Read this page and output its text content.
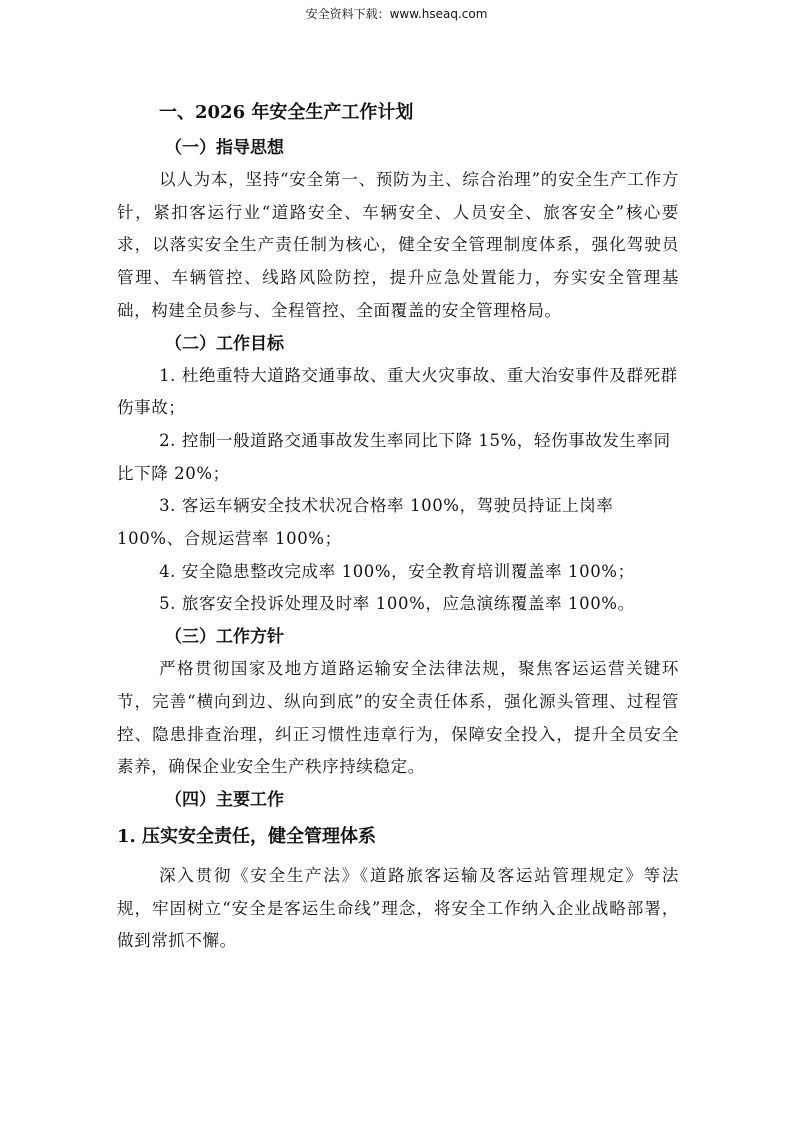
安全资料下载：www.hseaq.com
一、2026 年安全生产工作计划
（一）指导思想

以人为本，坚持“安全第一、预防为主、综合治理”的安全生产工作方针，紧扣客运行业“道路安全、车辆安全、人员安全、旅客安全”核心要求，以落实安全生产责任制为核心，健全安全管理制度体系，强化驾驶员管理、车辆管控、线路风险防控，提升应急处置能力，夯实安全管理基础，构建全员参与、全程管控、全面覆盖的安全管理格局。

（二）工作目标

1. 杜绝重特大道路交通事故、重大火灾事故、重大治安事件及群死群伤事故；

2. 控制一般道路交通事故发生率同比下降 15%，轻伤事故发生率同比下降 20%；

3. 客运车辆安全技术状况合格率 100%，驾驶员持证上岗率 100%、合规运营率 100%；

4. 安全隐患整改完成率 100%，安全教育培训覆盖率 100%；

5. 旅客安全投诉处理及时率 100%，应急演练覆盖率 100%。

（三）工作方针

严格贯彻国家及地方道路运输安全法律法规，聚焦客运运营关键环节，完善“横向到边、纵向到底”的安全责任体系，强化源头管理、过程管控、隐患排查治理，纠正习惯性违章行为，保障安全投入，提升全员安全素养，确保企业安全生产秩序持续稳定。

（四）主要工作
1. 压实安全责任，健全管理体系

深入贯彻《安全生产法》《道路旅客运输及客运站管理规定》等法规，牢固树立“安全是客运生命线”理念，将安全工作纳入企业战略部署，做到常抓不懈。
